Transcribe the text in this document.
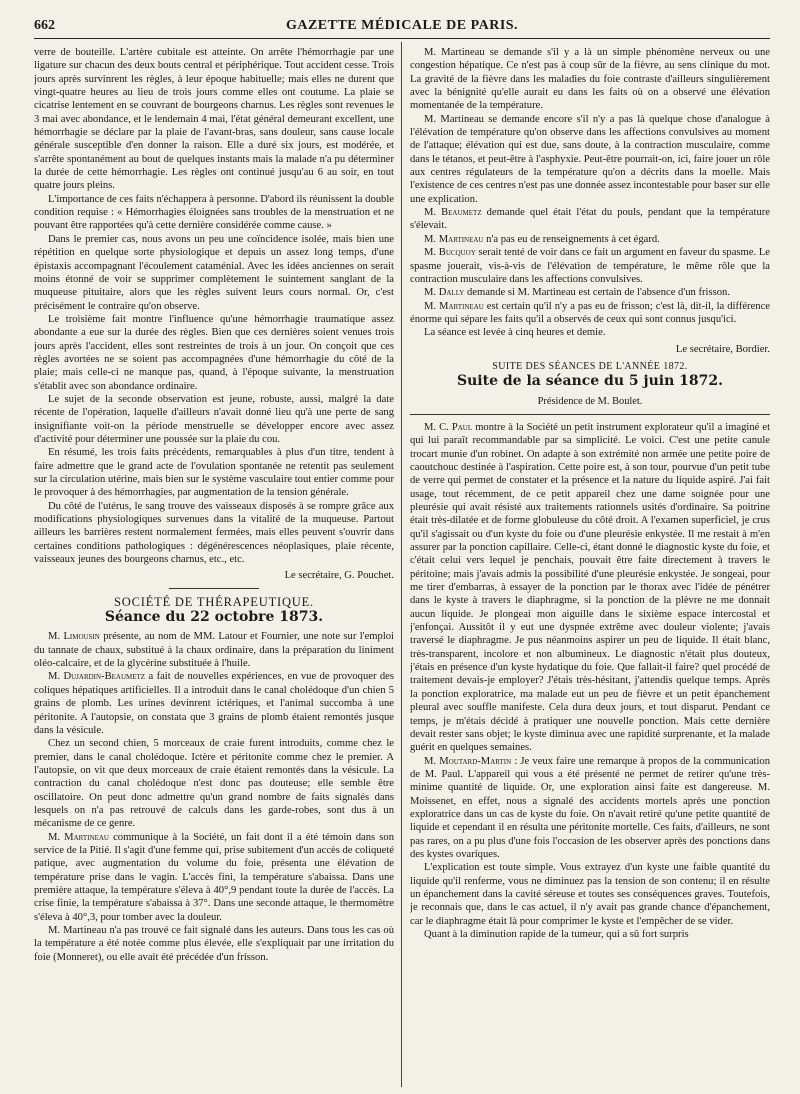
662	GAZETTE MÉDICALE DE PARIS.

verre de bouteille. L'artère cubitale est atteinte. On arrête l'hémorrhagie par une ligature sur chacun des deux bouts central et périphérique. Tout accident cesse. Trois jours après survinrent les règles, à leur époque habituelle; mais elles ne durent que vingt-quatre heures au lieu de trois jours comme elles ont coutume. La plaie se cicatrise lentement en se couvrant de bourgeons charnus. Les règles sont revenues le 3 mai avec abondance, et le lendemain 4 mai, l'état général demeurant excellent, une hémorrhagie se déclare par la plaie de l'avant-bras, sans douleur, sans cause locale générale susceptible d'en donner la raison. Elle a duré six jours, est modérée, et s'arrête spontanément au bout de quelques instants mais la malade n'a pu déterminer la durée de cette hémorrhagie. Les règles ont continué jusqu'au 6 au soir, en tout quatre jours pleins.

L'importance de ces faits n'échappera à personne. D'abord ils réunissent la double condition requise : « Hémorrhagies éloignées sans troubles de la menstruation et ne pouvant être rapportées qu'à cette dernière considérée comme cause. »

Dans le premier cas, nous avons un peu une coïncidence isolée, mais bien une répétition en quelque sorte physiologique et depuis un assez long temps, d'une épistaxis accompagnant l'écoulement cataménial. Avec les idées anciennes on serait moins étonné de voir se supprimer complètement le suintement sanglant de la muqueuse pituitaire, alors que les règles suivent leurs cours normal. Or, c'est précisément le contraire qu'on observe.

Le troisième fait montre l'influence qu'une hémorrhagie traumatique assez abondante a eue sur la durée des règles. Bien que ces dernières soient venues trois jours après l'accident, elles sont restreintes de trois à un jour. On conçoit que ces règles avortées ne se soient pas accompagnées d'une hémorrhagie du côté de la plaie; mais celle-ci ne manque pas, quand, à l'époque suivante, la menstruation s'établit avec son abondance ordinaire.

Le sujet de la seconde observation est jeune, robuste, aussi, malgré la date récente de l'opération, laquelle d'ailleurs n'avait donné lieu qu'à une perte de sang insignifiante voit-on la période menstruelle se développer encore avec assez d'activité pour déterminer une poussée sur la plaie du cou.

En résumé, les trois faits précédents, remarquables à plus d'un titre, tendent à faire admettre que le grand acte de l'ovulation spontanée ne retentit pas seulement sur la circulation utérine, mais bien sur le système vasculaire tout entier comme pour le provoquer à des hémorrhagies, par augmentation de la tension générale.

Du côté de l'utérus, le sang trouve des vaisseaux disposés à se rompre grâce aux modifications physiologiques survenues dans la vitalité de la muqueuse. Partout ailleurs les barrières restent normalement fermées, mais elles peuvent s'ouvrir dans certaines conditions pathologiques : dégénérescences néoplasiques, plaie récente, vaisseaux jeunes des bourgeons charnus, etc., etc.

Le secrétaire, G. Pouchet.
SOCIÉTÉ DE THÉRAPEUTIQUE.
Séance du 22 octobre 1873.

M. Limousin présente, au nom de MM. Latour et Fournier, une note sur l'emploi du tannate de chaux, substitué à la chaux ordinaire, dans la préparation du liniment oléo-calcaire, et de la glycérine substituée à l'huile.

M. Dujardin-Beaumetz a fait de nouvelles expériences, en vue de provoquer des coliques hépatiques artificielles. Il a introduit dans le canal cholédoque d'un chien 5 grains de plomb. Les urines devinrent ictériques, et l'animal succomba à une péritonite. A l'autopsie, on constata que 3 grains de plomb étaient remontés jusque dans la vésicule.

Chez un second chien, 5 morceaux de craie furent introduits, comme chez le premier, dans le canal cholédoque. Ictère et péritonite comme chez le premier. A l'autopsie, on vit que deux morceaux de craie étaient remontés dans la vésicule. La contraction du canal cholédoque n'est donc pas douteuse; elle semble être oscillatoire. On peut donc admettre qu'un grand nombre de faits signalés dans lesquels on n'a pas retrouvé de calculs dans les garde-robes, sont dus à un mécanisme de ce genre.

M. Martineau communique à la Société, un fait dont il a été témoin dans son service de la Pitié. Il s'agit d'une femme qui, prise subitement d'un accès de coliqueté patique, avec augmentation du volume du foie, présenta une élévation de température prise dans le vagin. L'accès fini, la température s'abaissa. Dans une première attaque, la température s'éleva à 40°,9 pendant toute la durée de l'accès. La crise finie, la température s'abaissa à 37°. Dans une seconde attaque, le thermomètre s'éleva à 40°,3, pour tomber avec la douleur.

M. Martineau n'a pas trouvé ce fait signalé dans les auteurs. Dans tous les cas où la température a été notée comme plus élevée, elle s'expliquait par une irritation du foie (Monneret), ou elle avait été précédée d'un frisson.

M. Martineau se demande s'il y a là un simple phénomène nerveux ou une congestion hépatique. Ce n'est pas à coup sûr de la fièvre, au sens clinique du mot. La gravité de la fièvre dans les maladies du foie contraste d'ailleurs singulièrement avec la bénignité qu'elle aurait eu dans les faits où on a observé une élévation momentanée de la température.

M. Martineau se demande encore s'il n'y a pas là quelque chose d'analogue à l'élévation de température qu'on observe dans les affections convulsives au moment de l'attaque; élévation qui est due, sans doute, à la contraction musculaire, comme dans le tétanos, et peut-être à l'asphyxie. Peut-être pourrait-on, ici, faire jouer un rôle aux centres régulateurs de la température qu'on a décrits dans la moelle. Mais l'existence de ces centres n'est pas une donnée assez incontestable pour baser sur elle une explication.

M. Beaumetz demande quel était l'état du pouls, pendant que la température s'élevait.

M. Martineau n'a pas eu de renseignements à cet égard.

M. Bucquoy serait tenté de voir dans ce fait un argument en faveur du spasme. Le spasme jouerait, vis-à-vis de l'élévation de température, le même rôle que la contraction musculaire dans les affections convulsives.

M. Dally demande si M. Martineau est certain de l'absence d'un frisson.

M. Martineau est certain qu'il n'y a pas eu de frisson; c'est là, dit-il, la différence énorme qui sépare les faits qu'il a observés de ceux qui sont connus jusqu'ici.

La séance est levée à cinq heures et demie.

Le secrétaire, Bordier.
SUITE DES SÉANCES DE L'ANNÉE 1872.
Suite de la séance du 5 juin 1872.
Présidence de M. Boulet.

M. C. Paul montre à la Société un petit instrument explorateur qu'il a imaginé et qui lui paraît recommandable par sa simplicité. Le voici. C'est une petite canule trocart munie d'un robinet. On adapte à son extrémité non armée une petite poire de caoutchouc destinée à l'aspiration. Cette poire est, à son tour, pourvue d'un petit tube de verre qui permet de constater et la présence et la nature du liquide aspiré. J'ai fait usage, tout récemment, de ce petit appareil chez une dame soignée pour une pleurésie qui avait résisté aux traitements rationnels usités d'ordinaire. Sa poitrine était très-dilatée et de forme globuleuse du côté droit. A l'examen superficiel, je crus qu'il s'agissait ou d'un kyste du foie ou d'une pleurésie enkystée. Il me restait à m'en assurer par la ponction capillaire. Celle-ci, étant donné le diagnostic kyste du foie, et c'était celui vers lequel je penchais, pouvait être faite directement à travers le péritoine; mais j'avais admis la possibilité d'une pleurésie enkystée. Je songeai, pour me tirer d'embarras, à essayer de la ponction par le thorax avec l'idée de pénétrer dans le kyste à travers le diaphragme, si la ponction de la plèvre ne me donnait aucun liquide. Je plongeai mon aiguille dans le sixième espace intercostal et j'enfonçai. Aussitôt il y eut une dyspnée extrême avec douleur violente; j'avais traversé le diaphragme. Je pus néanmoins aspirer un peu de liquide. Il était blanc, très-transparent, incolore et non albumineux. Le diagnostic n'était plus douteux, j'étais en présence d'un kyste hydatique du foie. Que fallait-il faire? quel procédé de traitement devais-je employer? J'étais très-hésitant, j'attendis quelque temps. Après la ponction exploratrice, ma malade eut un peu de fièvre et un petit épanchement pleural avec souffle manifeste. Cela dura deux jours, et tout disparut. Pendant ce temps, je m'étais décidé à pratiquer une nouvelle ponction. Mais cette dernière devait rester sans objet; le kyste diminua avec une rapidité surprenante, et la malade guérit en quelques semaines.

M. Moutard-Martin : Je veux faire une remarque à propos de la communication de M. Paul. L'appareil qui vous a été présenté ne permet de retirer qu'une très-minime quantité de liquide. Or, une exploration ainsi faite est dangereuse. M. Moissenet, en effet, nous a signalé des accidents mortels après une ponction exploratrice dans un cas de kyste du foie. On n'avait retiré qu'une petite quantité de liquide et cependant il en résulta une péritonite mortelle. Ces faits, d'ailleurs, ne sont pas rares, on a pu plus d'une fois l'occasion de les observer après des ponctions dans des kystes ovariques.

L'explication est toute simple. Vous extrayez d'un kyste une faible quantité du liquide qu'il renferme, vous ne diminuez pas la tension de son contenu; il en résulte un épanchement dans la cavité séreuse et toutes ses conséquences graves. Toutefois, je reconnais que, dans le cas actuel, il n'y avait pas grande chance d'épanchement, car le diaphragme était là pour comprimer le kyste et l'empêcher de se vider.

Quant à la diminution rapide de la tumeur, qui a sû fort surpris
